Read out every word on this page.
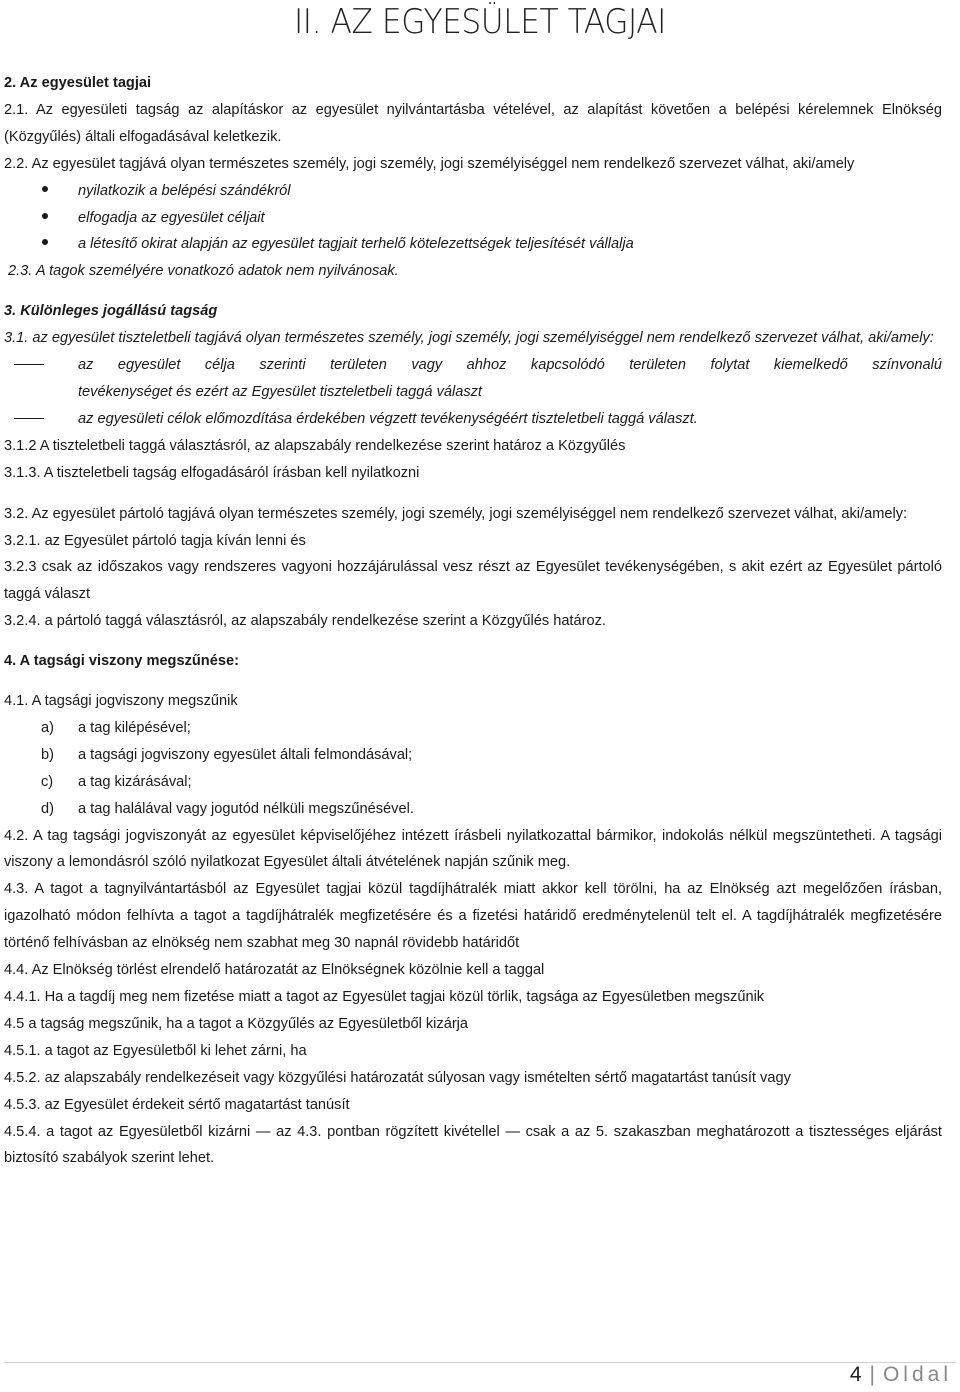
II. AZ EGYESÜLET TAGJAI

2. Az egyesület tagjai

2.1. Az egyesületi tagság az alapításkor az egyesület nyilvántartásba vételével, az alapítást követően a belépési kérelemnek Elnökség (Közgyűlés) általi elfogadásával keletkezik.

2.2. Az egyesület tagjává olyan természetes személy, jogi személy, jogi személyiséggel nem rendelkező szervezet válhat, aki/amely

nyilatkozik a belépési szándékról
elfogadja az egyesület céljait
a létesítő okirat alapján az egyesület tagjait terhelő kötelezettségek teljesítését vállalja

2.3. A tagok személyére vonatkozó adatok nem nyilvánosak.

3. Különleges jogállású tagság

3.1. az egyesület tiszteletbeli tagjává olyan természetes személy, jogi személy, jogi személyiséggel nem rendelkező szervezet válhat, aki/amely:

az egyesület célja szerinti területen vagy ahhoz kapcsolódó területen folytat kiemelkedő színvonalú
tevékenységet és ezért az Egyesület tiszteletbeli taggá választ
az egyesületi célok előmozdítása érdekében végzett tevékenységéért tiszteletbeli taggá választ.

3.1.2 A tiszteletbeli taggá választásról, az alapszabály rendelkezése szerint határoz a Közgyűlés

3.1.3. A tiszteletbeli tagság elfogadásáról írásban kell nyilatkozni

3.2. Az egyesület pártoló tagjává olyan természetes személy, jogi személy, jogi személyiséggel nem rendelkező szervezet válhat, aki/amely:

3.2.1. az Egyesület pártoló tagja kíván lenni és

3.2.3 csak az időszakos vagy rendszeres vagyoni hozzájárulással vesz részt az Egyesület tevékenységében, s akit ezért az Egyesület pártoló taggá választ

3.2.4. a pártoló taggá választásról, az alapszabály rendelkezése szerint a Közgyűlés határoz.

4. A tagsági viszony megszűnése:

4.1. A tagsági jogviszony megszűnik

a)	a tag kilépésével;
b)	a tagsági jogviszony egyesület általi felmondásával;
c)	a tag kizárásával;
d)	a tag halálával vagy jogutód nélküli megszűnésével.

4.2. A tag tagsági jogviszonyát az egyesület képviselőjéhez intézett írásbeli nyilatkozattal bármikor, indokolás nélkül megszüntetheti. A tagsági viszony a lemondásról szóló nyilatkozat Egyesület általi átvételének napján szűnik meg.

4.3. A tagot a tagnyilvántartásból az Egyesület tagjai közül tagdíjhátralék miatt akkor kell törölni, ha az Elnökség azt megelőzően írásban, igazolható módon felhívta a tagot a tagdíjhátralék megfizetésére és a fizetési határidő eredménytelenül telt el. A tagdíjhátralék megfizetésére történő felhívásban az elnökség nem szabhat meg 30 napnál rövidebb határidőt

4.4. Az Elnökség törlést elrendelő határozatát az Elnökségnek közölnie kell a taggal

4.4.1. Ha a tagdíj meg nem fizetése miatt a tagot az Egyesület tagjai közül törlik, tagsága az Egyesületben megszűnik

4.5 a tagság megszűnik, ha a tagot a Közgyűlés az Egyesületből kizárja

4.5.1. a tagot az Egyesületből ki lehet zárni, ha

4.5.2. az alapszabály rendelkezéseit vagy közgyűlési határozatát súlyosan vagy ismételten sértő magatartást tanúsít vagy

4.5.3. az Egyesület érdekeit sértő magatartást tanúsít

4.5.4. a tagot az Egyesületből kizárni — az 4.3. pontban rögzített kivétellel — csak a az 5. szakaszban meghatározott a tisztességes eljárást biztosító szabályok szerint lehet.

4 | Oldal
